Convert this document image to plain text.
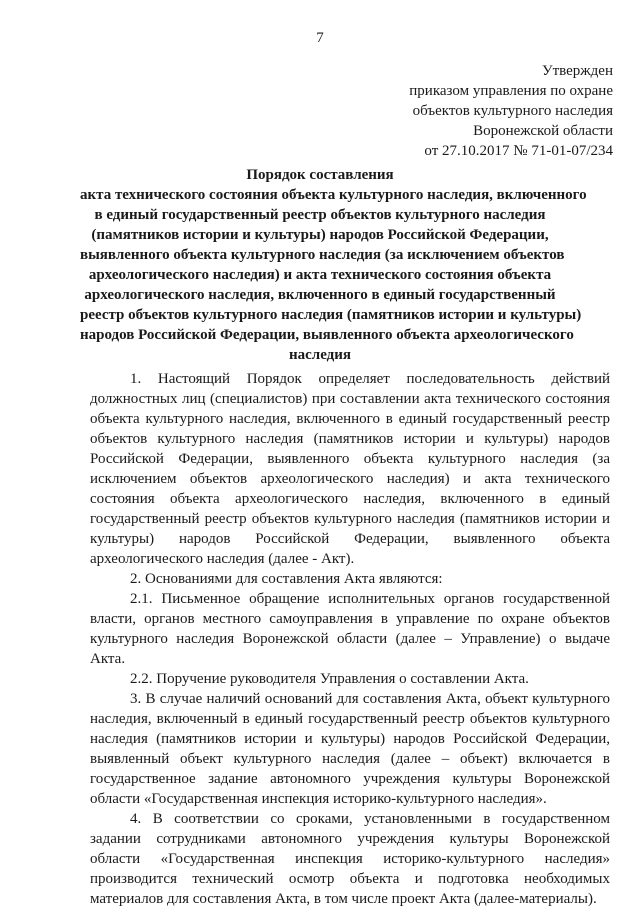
7
Утвержден
приказом управления по охране
объектов культурного наследия
Воронежской области
от 27.10.2017 № 71-01-07/234
Порядок составления
акта технического состояния объекта культурного наследия, включенного
в единый государственный реестр объектов культурного наследия
(памятников истории и культуры) народов Российской Федерации,
выявленного объекта культурного наследия (за исключением объектов
археологического наследия) и акта технического состояния объекта
археологического наследия, включенного в единый государственный
реестр объектов культурного наследия (памятников истории и культуры)
народов Российской Федерации, выявленного объекта археологического
наследия
1. Настоящий Порядок определяет последовательность действий
должностных лиц (специалистов) при составлении акта технического состояния
объекта культурного наследия, включенного в единый государственный реестр
объектов культурного наследия (памятников истории и культуры) народов
Российской Федерации, выявленного объекта культурного наследия (за
исключением объектов археологического наследия) и акта технического
состояния объекта археологического наследия, включенного в единый
государственный реестр объектов культурного наследия (памятников истории и
культуры) народов Российской Федерации, выявленного объекта
археологического наследия (далее - Акт).
2. Основаниями для составления Акта являются:
2.1. Письменное обращение исполнительных органов государственной
власти, органов местного самоуправления в управление по охране объектов
культурного наследия Воронежской области (далее – Управление) о выдаче
Акта.
2.2. Поручение руководителя Управления о составлении Акта.
3. В случае наличий оснований для составления Акта, объект культурного
наследия, включенный в единый государственный реестр объектов культурного
наследия (памятников истории и культуры) народов Российской Федерации,
выявленный объект культурного наследия (далее – объект) включается в
государственное задание автономного учреждения культуры Воронежской
области «Государственная инспекция историко-культурного наследия».
4. В соответствии со сроками, установленными в государственном
задании сотрудниками автономного учреждения культуры Воронежской
области «Государственная инспекция историко-культурного наследия»
производится технический осмотр объекта и подготовка необходимых
материалов для составления Акта, в том числе проект Акта (далее-материалы).
